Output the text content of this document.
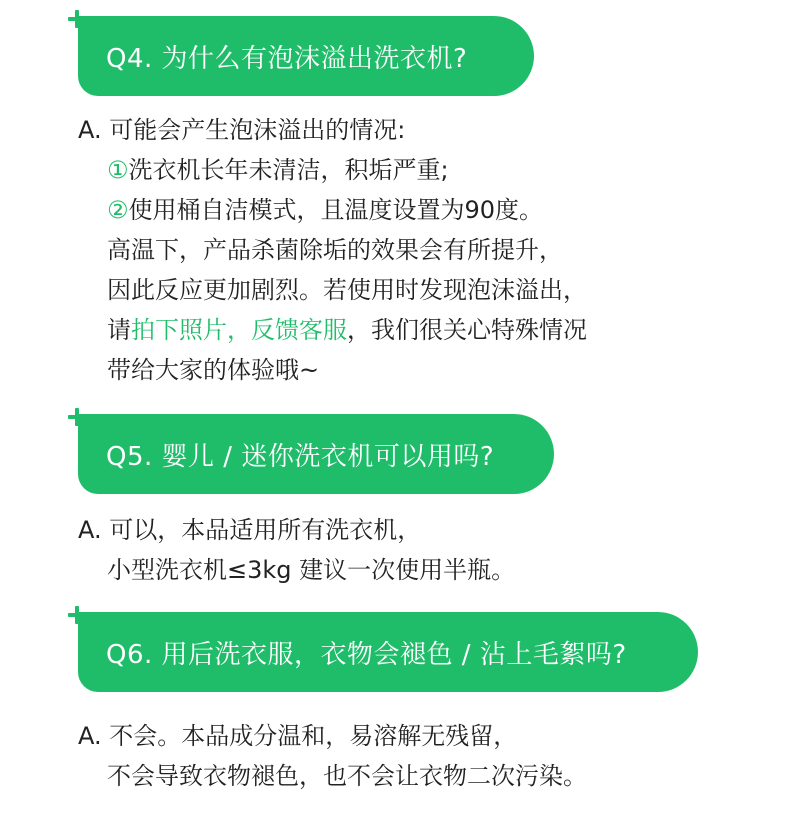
Q4. 为什么有泡沫溢出洗衣机?
A. 可能会产生泡沫溢出的情况:
①洗衣机长年未清洁，积垢严重;
②使用桶自洁模式，且温度设置为90度。
高温下，产品杀菌除垢的效果会有所提升，
因此反应更加剧烈。若使用时发现泡沫溢出，
请拍下照片，反馈客服，我们很关心特殊情况
带给大家的体验哦~
Q5. 婴儿 / 迷你洗衣机可以用吗?
A. 可以，本品适用所有洗衣机，
小型洗衣机≤3kg 建议一次使用半瓶。
Q6. 用后洗衣服，衣物会褪色 / 沾上毛絮吗?
A. 不会。本品成分温和，易溶解无残留，
不会导致衣物褪色，也不会让衣物二次污染。
